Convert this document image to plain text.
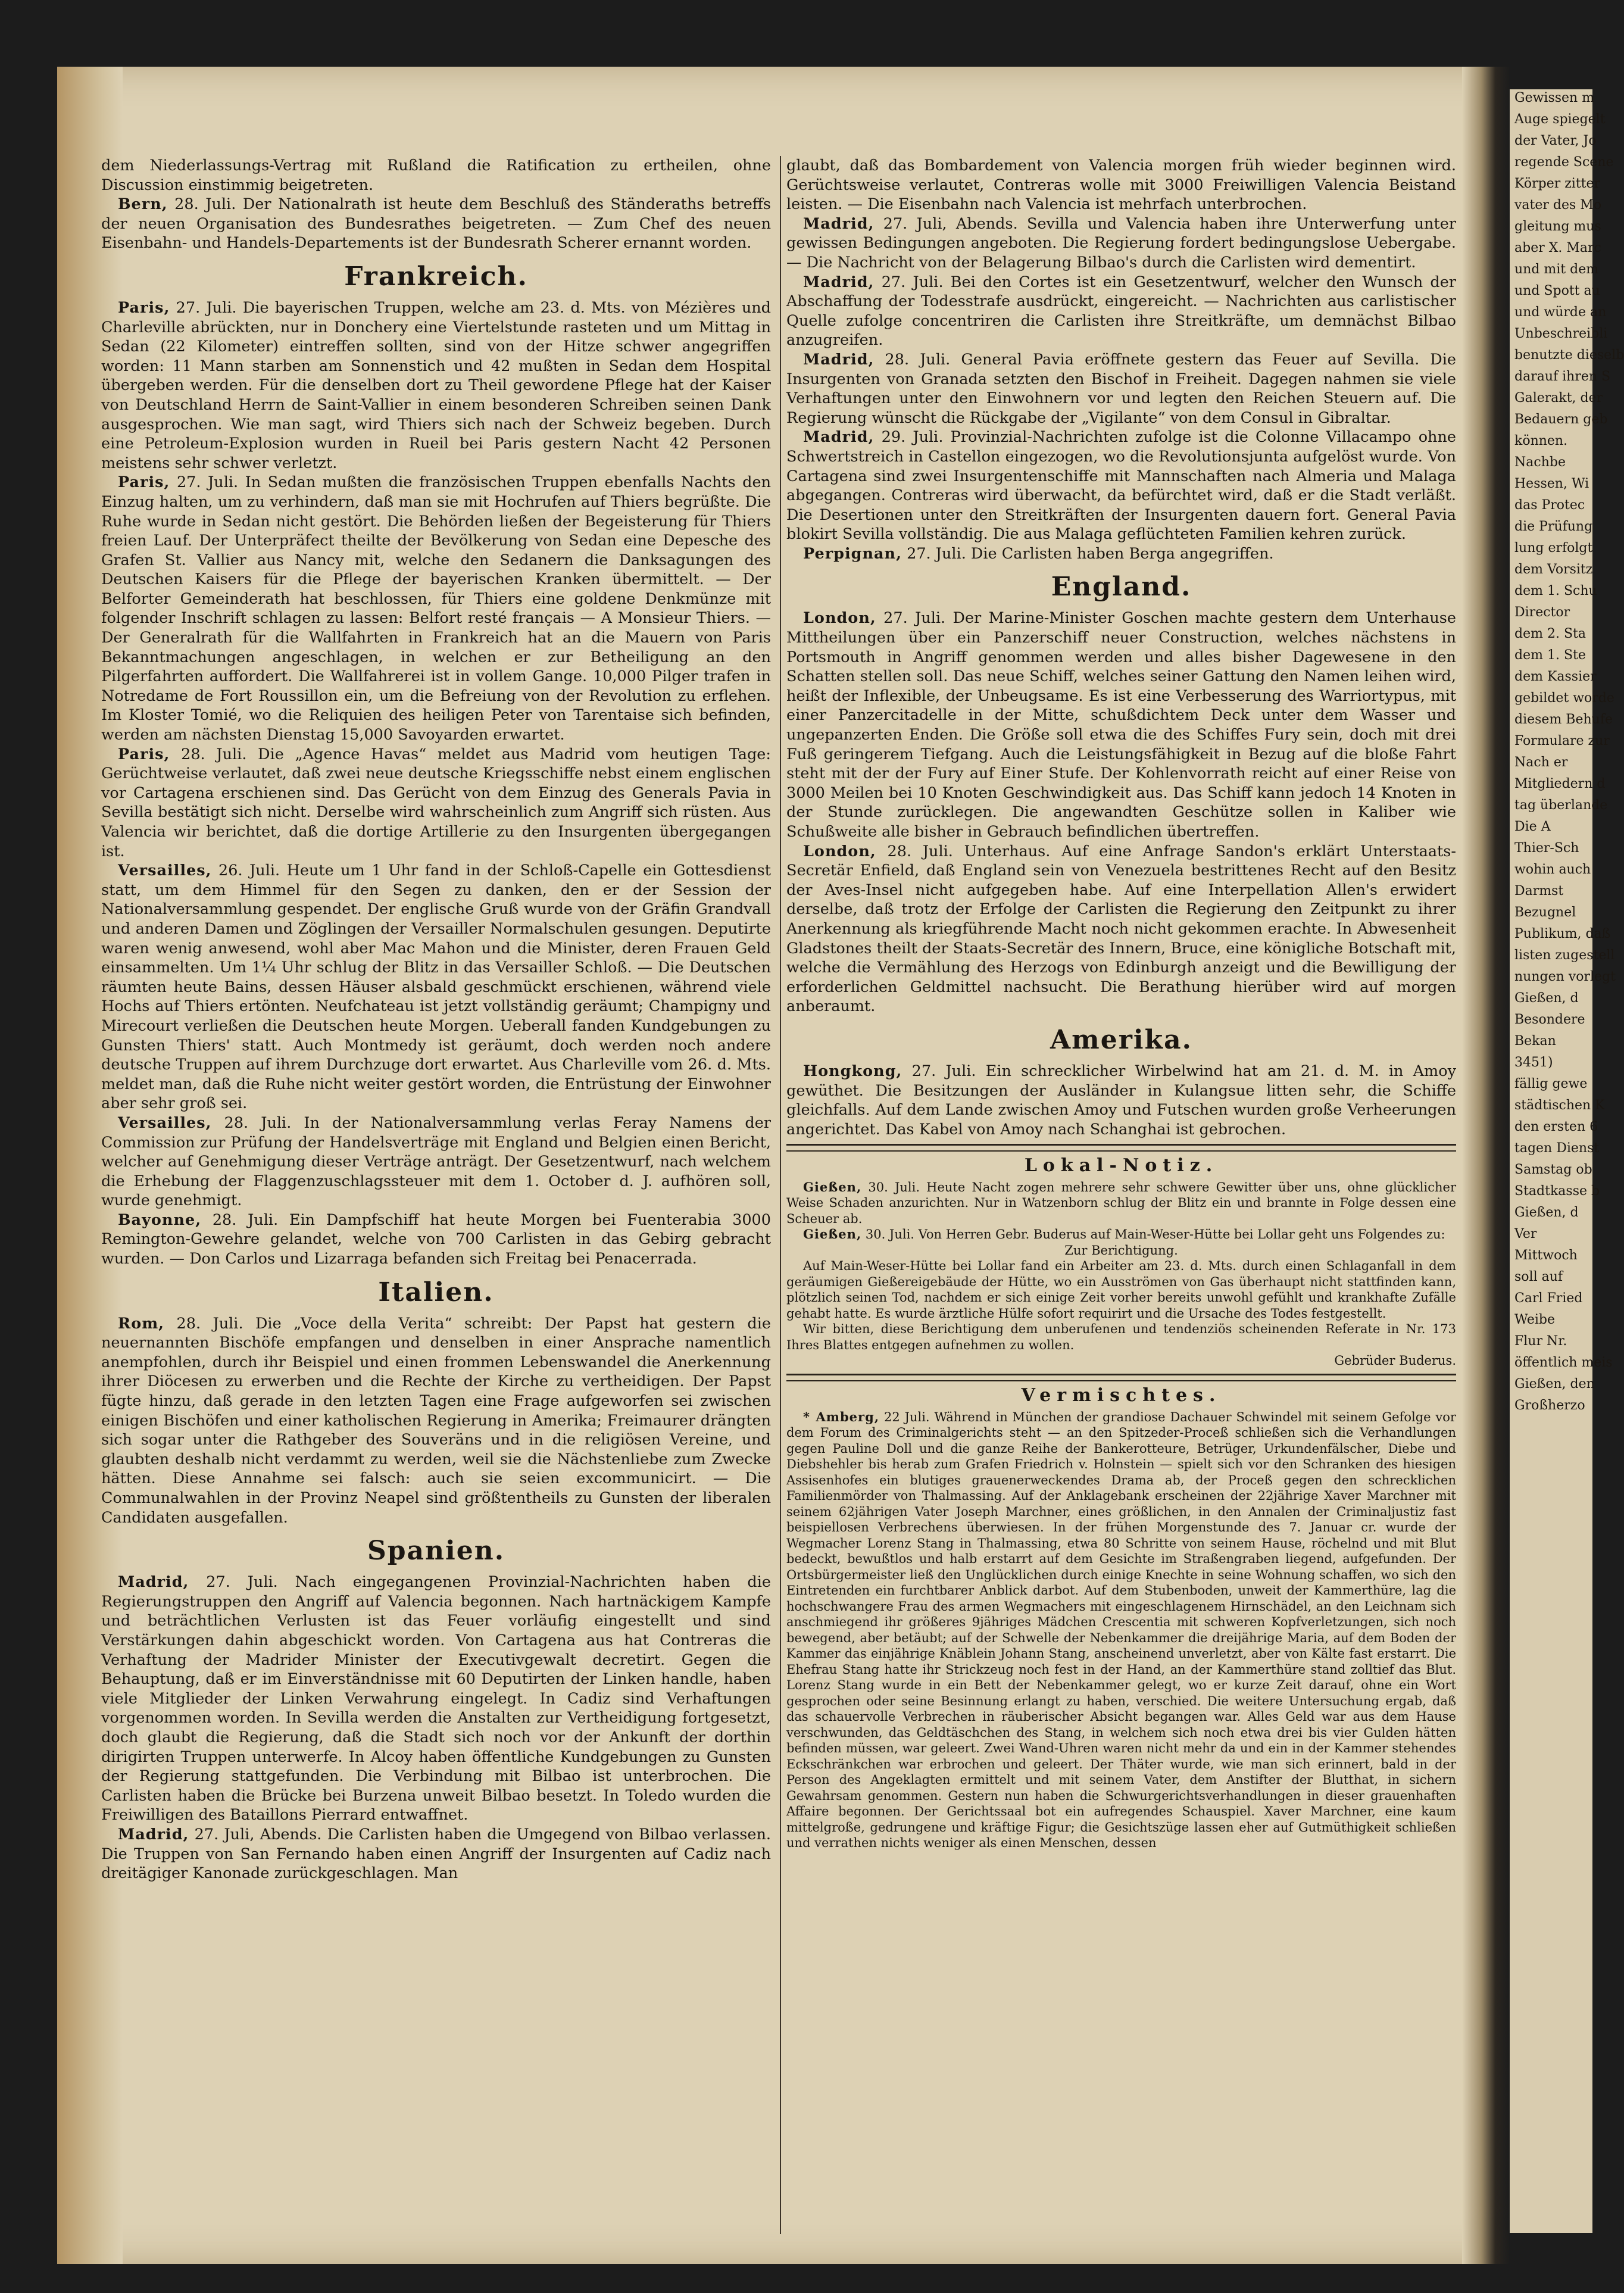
dem Niederlassungs-Vertrag mit Rußland die Ratification zu ertheilen, ohne Discussion einstimmig beigetreten.

Bern, 28. Juli. Der Nationalrath ist heute dem Beschluß des Ständeraths betreffs der neuen Organisation des Bundesrathes beigetreten. — Zum Chef des neuen Eisenbahn- und Handels-Departements ist der Bundesrath Scherer ernannt worden.

Frankreich.

Paris, 27. Juli. Die bayerischen Truppen, welche am 23. d. Mts. von Mézières und Charleville abrückten, nur in Donchery eine Viertelstunde rasteten und um Mittag in Sedan (22 Kilometer) eintreffen sollten, sind von der Hitze schwer angegriffen worden: 11 Mann starben am Sonnenstich und 42 mußten in Sedan dem Hospital übergeben werden. Für die denselben dort zu Theil gewordene Pflege hat der Kaiser von Deutschland Herrn de Saint-Vallier in einem besonderen Schreiben seinen Dank ausgesprochen. Wie man sagt, wird Thiers sich nach der Schweiz begeben. Durch eine Petroleum-Explosion wurden in Rueil bei Paris gestern Nacht 42 Personen meistens sehr schwer verletzt.

Paris, 27. Juli. In Sedan mußten die französischen Truppen ebenfalls Nachts den Einzug halten, um zu verhindern, daß man sie mit Hochrufen auf Thiers begrüßte. Die Ruhe wurde in Sedan nicht gestört. Die Behörden ließen der Begeisterung für Thiers freien Lauf. Der Unterpräfect theilte der Bevölkerung von Sedan eine Depesche des Grafen St. Vallier aus Nancy mit, welche den Sedanern die Danksagungen des Deutschen Kaisers für die Pflege der bayerischen Kranken übermittelt. — Der Belforter Gemeinderath hat beschlossen, für Thiers eine goldene Denkmünze mit folgender Inschrift schlagen zu lassen: Belfort resté français — A Monsieur Thiers. — Der Generalrath für die Wallfahrten in Frankreich hat an die Mauern von Paris Bekanntmachungen angeschlagen, in welchen er zur Betheiligung an den Pilgerfahrten auffordert. Die Wallfahrerei ist in vollem Gange. 10,000 Pilger trafen in Notredame de Fort Roussillon ein, um die Befreiung von der Revolution zu erflehen. Im Kloster Tomié, wo die Reliquien des heiligen Peter von Tarentaise sich befinden, werden am nächsten Dienstag 15,000 Savoyarden erwartet.

Paris, 28. Juli. Die „Agence Havas“ meldet aus Madrid vom heutigen Tage: Gerüchtweise verlautet, daß zwei neue deutsche Kriegsschiffe nebst einem englischen vor Cartagena erschienen sind. Das Gerücht von dem Einzug des Generals Pavia in Sevilla bestätigt sich nicht. Derselbe wird wahrscheinlich zum Angriff sich rüsten. Aus Valencia wir berichtet, daß die dortige Artillerie zu den Insurgenten übergegangen ist.

Versailles, 26. Juli. Heute um 1 Uhr fand in der Schloß-Capelle ein Gottesdienst statt, um dem Himmel für den Segen zu danken, den er der Session der Nationalversammlung gespendet. Der englische Gruß wurde von der Gräfin Grandvall und anderen Damen und Zöglingen der Versailler Normalschulen gesungen. Deputirte waren wenig anwesend, wohl aber Mac Mahon und die Minister, deren Frauen Geld einsammelten. Um 1¼ Uhr schlug der Blitz in das Versailler Schloß. — Die Deutschen räumten heute Bains, dessen Häuser alsbald geschmückt erschienen, während viele Hochs auf Thiers ertönten. Neufchateau ist jetzt vollständig geräumt; Champigny und Mirecourt verließen die Deutschen heute Morgen. Ueberall fanden Kundgebungen zu Gunsten Thiers' statt. Auch Montmedy ist geräumt, doch werden noch andere deutsche Truppen auf ihrem Durchzuge dort erwartet. Aus Charleville vom 26. d. Mts. meldet man, daß die Ruhe nicht weiter gestört worden, die Entrüstung der Einwohner aber sehr groß sei.

Versailles, 28. Juli. In der Nationalversammlung verlas Feray Namens der Commission zur Prüfung der Handelsverträge mit England und Belgien einen Bericht, welcher auf Genehmigung dieser Verträge anträgt. Der Gesetzentwurf, nach welchem die Erhebung der Flaggenzuschlagssteuer mit dem 1. October d. J. aufhören soll, wurde genehmigt.

Bayonne, 28. Juli. Ein Dampfschiff hat heute Morgen bei Fuenterabia 3000 Remington-Gewehre gelandet, welche von 700 Carlisten in das Gebirg gebracht wurden. — Don Carlos und Lizarraga befanden sich Freitag bei Penacerrada.

Italien.

Rom, 28. Juli. Die „Voce della Verita“ schreibt: Der Papst hat gestern die neuernannten Bischöfe empfangen und denselben in einer Ansprache namentlich anempfohlen, durch ihr Beispiel und einen frommen Lebenswandel die Anerkennung ihrer Diöcesen zu erwerben und die Rechte der Kirche zu vertheidigen. Der Papst fügte hinzu, daß gerade in den letzten Tagen eine Frage aufgeworfen sei zwischen einigen Bischöfen und einer katholischen Regierung in Amerika; Freimaurer drängten sich sogar unter die Rathgeber des Souveräns und in die religiösen Vereine, und glaubten deshalb nicht verdammt zu werden, weil sie die Nächstenliebe zum Zwecke hätten. Diese Annahme sei falsch: auch sie seien excommunicirt. — Die Communalwahlen in der Provinz Neapel sind größtentheils zu Gunsten der liberalen Candidaten ausgefallen.

Spanien.

Madrid, 27. Juli. Nach eingegangenen Provinzial-Nachrichten haben die Regierungstruppen den Angriff auf Valencia begonnen. Nach hartnäckigem Kampfe und beträchtlichen Verlusten ist das Feuer vorläufig eingestellt und sind Verstärkungen dahin abgeschickt worden. Von Cartagena aus hat Contreras die Verhaftung der Madrider Minister der Executivgewalt decretirt. Gegen die Behauptung, daß er im Einverständnisse mit 60 Deputirten der Linken handle, haben viele Mitglieder der Linken Verwahrung eingelegt. In Cadiz sind Verhaftungen vorgenommen worden. In Sevilla werden die Anstalten zur Vertheidigung fortgesetzt, doch glaubt die Regierung, daß die Stadt sich noch vor der Ankunft der dorthin dirigirten Truppen unterwerfe. In Alcoy haben öffentliche Kundgebungen zu Gunsten der Regierung stattgefunden. Die Verbindung mit Bilbao ist unterbrochen. Die Carlisten haben die Brücke bei Burzena unweit Bilbao besetzt. In Toledo wurden die Freiwilligen des Bataillons Pierrard entwaffnet.

Madrid, 27. Juli, Abends. Die Carlisten haben die Umgegend von Bilbao verlassen. Die Truppen von San Fernando haben einen Angriff der Insurgenten auf Cadiz nach dreitägiger Kanonade zurückgeschlagen. Man

glaubt, daß das Bombardement von Valencia morgen früh wieder beginnen wird. Gerüchtsweise verlautet, Contreras wolle mit 3000 Freiwilligen Valencia Beistand leisten. — Die Eisenbahn nach Valencia ist mehrfach unterbrochen.

Madrid, 27. Juli, Abends. Sevilla und Valencia haben ihre Unterwerfung unter gewissen Bedingungen angeboten. Die Regierung fordert bedingungslose Uebergabe. — Die Nachricht von der Belagerung Bilbao's durch die Carlisten wird dementirt.

Madrid, 27. Juli. Bei den Cortes ist ein Gesetzentwurf, welcher den Wunsch der Abschaffung der Todesstrafe ausdrückt, eingereicht. — Nachrichten aus carlistischer Quelle zufolge concentriren die Carlisten ihre Streitkräfte, um demnächst Bilbao anzugreifen.

Madrid, 28. Juli. General Pavia eröffnete gestern das Feuer auf Sevilla. Die Insurgenten von Granada setzten den Bischof in Freiheit. Dagegen nahmen sie viele Verhaftungen unter den Einwohnern vor und legten den Reichen Steuern auf. Die Regierung wünscht die Rückgabe der „Vigilante“ von dem Consul in Gibraltar.

Madrid, 29. Juli. Provinzial-Nachrichten zufolge ist die Colonne Villacampo ohne Schwertstreich in Castellon eingezogen, wo die Revolutionsjunta aufgelöst wurde. Von Cartagena sind zwei Insurgentenschiffe mit Mannschaften nach Almeria und Malaga abgegangen. Contreras wird überwacht, da befürchtet wird, daß er die Stadt verläßt. Die Desertionen unter den Streitkräften der Insurgenten dauern fort. General Pavia blokirt Sevilla vollständig. Die aus Malaga geflüchteten Familien kehren zurück.

Perpignan, 27. Juli. Die Carlisten haben Berga angegriffen.

England.

London, 27. Juli. Der Marine-Minister Goschen machte gestern dem Unterhause Mittheilungen über ein Panzerschiff neuer Construction, welches nächstens in Portsmouth in Angriff genommen werden und alles bisher Dagewesene in den Schatten stellen soll. Das neue Schiff, welches seiner Gattung den Namen leihen wird, heißt der Inflexible, der Unbeugsame. Es ist eine Verbesserung des Warriortypus, mit einer Panzercitadelle in der Mitte, schußdichtem Deck unter dem Wasser und ungepanzerten Enden. Die Größe soll etwa die des Schiffes Fury sein, doch mit drei Fuß geringerem Tiefgang. Auch die Leistungsfähigkeit in Bezug auf die bloße Fahrt steht mit der der Fury auf Einer Stufe. Der Kohlenvorrath reicht auf einer Reise von 3000 Meilen bei 10 Knoten Geschwindigkeit aus. Das Schiff kann jedoch 14 Knoten in der Stunde zurücklegen. Die angewandten Geschütze sollen in Kaliber wie Schußweite alle bisher in Gebrauch befindlichen übertreffen.

London, 28. Juli. Unterhaus. Auf eine Anfrage Sandon's erklärt Unterstaats-Secretär Enfield, daß England sein von Venezuela bestrittenes Recht auf den Besitz der Aves-Insel nicht aufgegeben habe. Auf eine Interpellation Allen's erwidert derselbe, daß trotz der Erfolge der Carlisten die Regierung den Zeitpunkt zu ihrer Anerkennung als kriegführende Macht noch nicht gekommen erachte. In Abwesenheit Gladstones theilt der Staats-Secretär des Innern, Bruce, eine königliche Botschaft mit, welche die Vermählung des Herzogs von Edinburgh anzeigt und die Bewilligung der erforderlichen Geldmittel nachsucht. Die Berathung hierüber wird auf morgen anberaumt.

Amerika.

Hongkong, 27. Juli. Ein schrecklicher Wirbelwind hat am 21. d. M. in Amoy gewüthet. Die Besitzungen der Ausländer in Kulangsue litten sehr, die Schiffe gleichfalls. Auf dem Lande zwischen Amoy und Futschen wurden große Verheerungen angerichtet. Das Kabel von Amoy nach Schanghai ist gebrochen.

Lokal-Notiz.

Gießen, 30. Juli. Heute Nacht zogen mehrere sehr schwere Gewitter über uns, ohne glücklicher Weise Schaden anzurichten. Nur in Watzenborn schlug der Blitz ein und brannte in Folge dessen eine Scheuer ab.

Gießen, 30. Juli. Von Herren Gebr. Buderus auf Main-Weser-Hütte bei Lollar geht uns Folgendes zu:

Zur Berichtigung.

Auf Main-Weser-Hütte bei Lollar fand ein Arbeiter am 23. d. Mts. durch einen Schlaganfall in dem geräumigen Gießereigebäude der Hütte, wo ein Ausströmen von Gas überhaupt nicht stattfinden kann, plötzlich seinen Tod, nachdem er sich einige Zeit vorher bereits unwohl gefühlt und krankhafte Zufälle gehabt hatte. Es wurde ärztliche Hülfe sofort requirirt und die Ursache des Todes festgestellt.

Wir bitten, diese Berichtigung dem unberufenen und tendenziös scheinenden Referate in Nr. 173 Ihres Blattes entgegen aufnehmen zu wollen.

Gebrüder Buderus.

Vermischtes.

* Amberg, 22 Juli. Während in München der grandiose Dachauer Schwindel mit seinem Gefolge vor dem Forum des Criminalgerichts steht — an den Spitzeder-Proceß schließen sich die Verhandlungen gegen Pauline Doll und die ganze Reihe der Bankerotteure, Betrüger, Urkundenfälscher, Diebe und Diebshehler bis herab zum Grafen Friedrich v. Holnstein — spielt sich vor den Schranken des hiesigen Assisenhofes ein blutiges grauenerweckendes Drama ab, der Proceß gegen den schrecklichen Familienmörder von Thalmassing. Auf der Anklagebank erscheinen der 22jährige Xaver Marchner mit seinem 62jährigen Vater Joseph Marchner, eines größlichen, in den Annalen der Criminaljustiz fast beispiellosen Verbrechens überwiesen. In der frühen Morgenstunde des 7. Januar cr. wurde der Wegmacher Lorenz Stang in Thalmassing, etwa 80 Schritte von seinem Hause, röchelnd und mit Blut bedeckt, bewußtlos und halb erstarrt auf dem Gesichte im Straßengraben liegend, aufgefunden. Der Ortsbürgermeister ließ den Unglücklichen durch einige Knechte in seine Wohnung schaffen, wo sich den Eintretenden ein furchtbarer Anblick darbot. Auf dem Stubenboden, unweit der Kammerthüre, lag die hochschwangere Frau des armen Wegmachers mit eingeschlagenem Hirnschädel, an den Leichnam sich anschmiegend ihr größeres 9jähriges Mädchen Crescentia mit schweren Kopfverletzungen, sich noch bewegend, aber betäubt; auf der Schwelle der Nebenkammer die dreijährige Maria, auf dem Boden der Kammer das einjährige Knäblein Johann Stang, anscheinend unverletzt, aber von Kälte fast erstarrt. Die Ehefrau Stang hatte ihr Strickzeug noch fest in der Hand, an der Kammerthüre stand zolltief das Blut. Lorenz Stang wurde in ein Bett der Nebenkammer gelegt, wo er kurze Zeit darauf, ohne ein Wort gesprochen oder seine Besinnung erlangt zu haben, verschied. Die weitere Untersuchung ergab, daß das schauervolle Verbrechen in räuberischer Absicht begangen war. Alles Geld war aus dem Hause verschwunden, das Geldtäschchen des Stang, in welchem sich noch etwa drei bis vier Gulden hätten befinden müssen, war geleert. Zwei Wand-Uhren waren nicht mehr da und ein in der Kammer stehendes Eckschränkchen war erbrochen und geleert. Der Thäter wurde, wie man sich erinnert, bald in der Person des Angeklagten ermittelt und mit seinem Vater, dem Anstifter der Blutthat, in sichern Gewahrsam genommen. Gestern nun haben die Schwurgerichtsverhandlungen in dieser grauenhaften Affaire begonnen. Der Gerichtssaal bot ein aufregendes Schauspiel. Xaver Marchner, eine kaum mittelgroße, gedrungene und kräftige Figur; die Gesichtszüge lassen eher auf Gutmüthigkeit schließen und verrathen nichts weniger als einen Menschen, dessen

Gewissen m

Auge spiegelt

der Vater, Jo

regende Scene

Körper zitter

vater des Mo

gleitung mus

aber X. Marc

und mit dem

und Spott au

und würde an

Unbeschreibli

benutzte dieselb

darauf ihren S

Galerakt, der

Bedauern geb

können.

Nachbe

Hessen, Wi

das Protec

die Prüfung

lung erfolgt

dem Vorsitz

dem 1. Schu

Director

dem 2. Sta

dem 1. Ste

dem Kassier

gebildet worde

diesem Behufe

Formulare zur

Nach er

Mitgliedern d

tag überlande

Die A

Thier-Sch

wohin auch

Darmst

Bezugnel

Publikum, daß

listen zugestell

nungen vorlegt

Gießen, d

Besondere

Bekan

3451)

fällig gewe

städtischen K

den ersten 6

tagen Dienst

Samstag ob

Stadtkasse b

Gießen, d

Ver

Mittwoch

soll auf

Carl Fried

Weibe

Flur Nr.

öffentlich meis

Gießen, den

Großherzo
